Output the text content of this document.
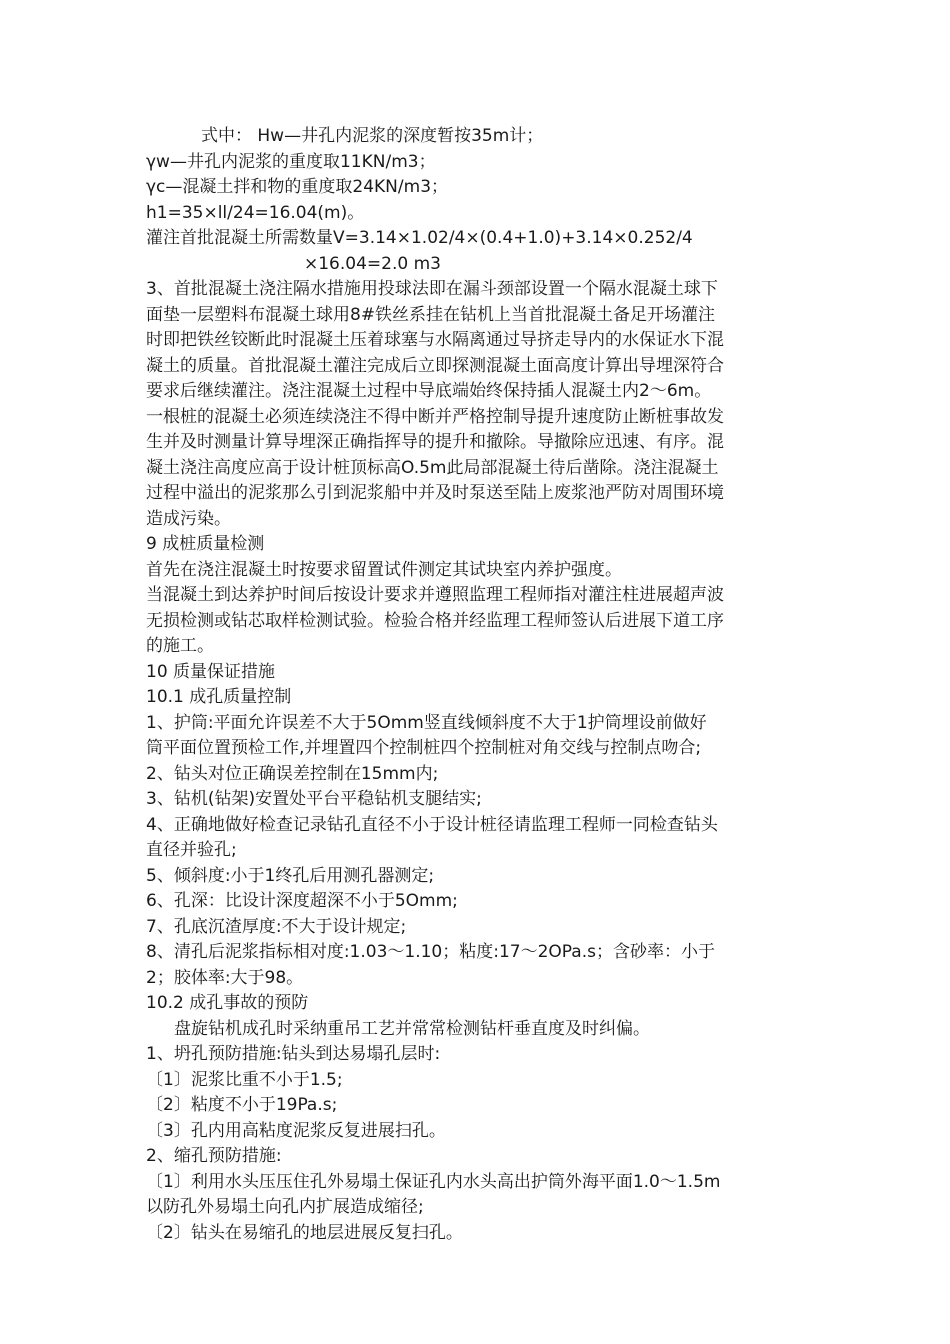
式中： Hw—井孔内泥浆的深度暂按35m计；
γw—井孔内泥浆的重度取11KN/m3；
γc—混凝土拌和物的重度取24KN/m3；
h1=35×ll/24=16.04(m)。
灌注首批混凝土所需数量V=3.14×1.02/4×(0.4+1.0)+3.14×0.252/4
×16.04=2.0 m3
3、首批混凝土浇注隔水措施用投球法即在漏斗颈部设置一个隔水混凝土球下
面垫一层塑料布混凝土球用8#铁丝系挂在钻机上当首批混凝土备足开场灌注
时即把铁丝铰断此时混凝土压着球塞与水隔离通过导挤走导内的水保证水下混
凝土的质量。首批混凝土灌注完成后立即探测混凝土面高度计算出导埋深符合
要求后继续灌注。浇注混凝土过程中导底端始终保持插人混凝土内2～6m。
一根桩的混凝土必须连续浇注不得中断并严格控制导提升速度防止断桩事故发
生并及时测量计算导埋深正确指挥导的提升和撤除。导撤除应迅速、有序。混
凝土浇注高度应高于设计桩顶标高O.5m此局部混凝土待后凿除。浇注混凝土
过程中溢出的泥浆那么引到泥浆船中并及时泵送至陆上废浆池严防对周围环境
造成污染。
9 成桩质量检测
首先在浇注混凝土时按要求留置试件测定其试块室内养护强度。
当混凝土到达养护时间后按设计要求并遵照监理工程师指对灌注柱进展超声波
无损检测或钻芯取样检测试验。检验合格并经监理工程师签认后进展下道工序
的施工。
10 质量保证措施
10.1 成孔质量控制
1、护筒:平面允许误差不大于5Omm竖直线倾斜度不大于1护筒埋设前做好
筒平面位置预检工作,并埋置四个控制桩四个控制桩对角交线与控制点吻合;
2、钻头对位正确误差控制在15mm内;
3、钻机(钻架)安置处平台平稳钻机支腿结实;
4、正确地做好检查记录钻孔直径不小于设计桩径请监理工程师一同检查钻头
直径并验孔;
5、倾斜度:小于1终孔后用测孔器测定;
6、孔深：比设计深度超深不小于5Omm;
7、孔底沉渣厚度:不大于设计规定;
8、清孔后泥浆指标相对度:1.03～1.10；粘度:17～2OPa.s；含砂率：小于
2；胶体率:大于98。
10.2 成孔事故的预防
盘旋钻机成孔时采纳重吊工艺并常常检测钻杆垂直度及时纠偏。
1、坍孔预防措施:钻头到达易塌孔层时:
〔1〕泥浆比重不小于1.5;
〔2〕粘度不小于19Pa.s;
〔3〕孔内用高粘度泥浆反复进展扫孔。
2、缩孔预防措施:
〔1〕利用水头压压住孔外易塌土保证孔内水头高出护筒外海平面1.0～1.5m
以防孔外易塌土向孔内扩展造成缩径;
〔2〕钻头在易缩孔的地层进展反复扫孔。
